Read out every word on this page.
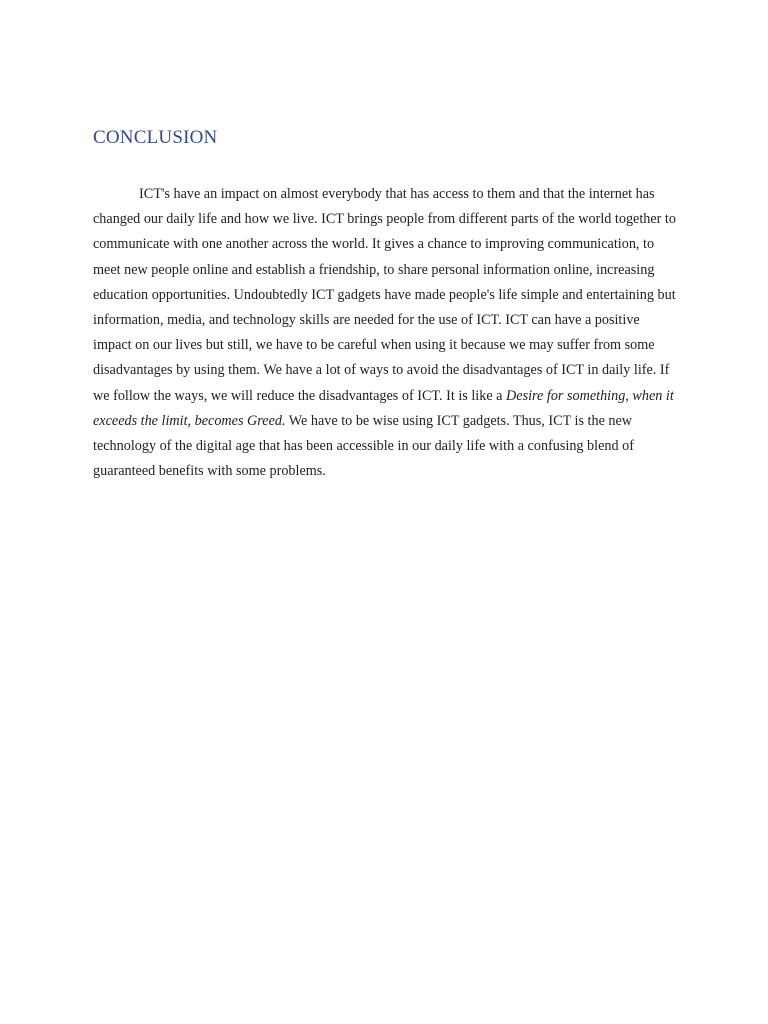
CONCLUSION

ICT's have an impact on almost everybody that has access to them and that the internet has changed our daily life and how we live. ICT brings people from different parts of the world together to communicate with one another across the world. It gives a chance to improving communication, to meet new people online and establish a friendship, to share personal information online, increasing education opportunities. Undoubtedly ICT gadgets have made people's life simple and entertaining but information, media, and technology skills are needed for the use of ICT. ICT can have a positive impact on our lives but still, we have to be careful when using it because we may suffer from some disadvantages by using them. We have a lot of ways to avoid the disadvantages of ICT in daily life. If we follow the ways, we will reduce the disadvantages of ICT. It is like a Desire for something, when it exceeds the limit, becomes Greed. We have to be wise using ICT gadgets. Thus, ICT is the new technology of the digital age that has been accessible in our daily life with a confusing blend of guaranteed benefits with some problems.
